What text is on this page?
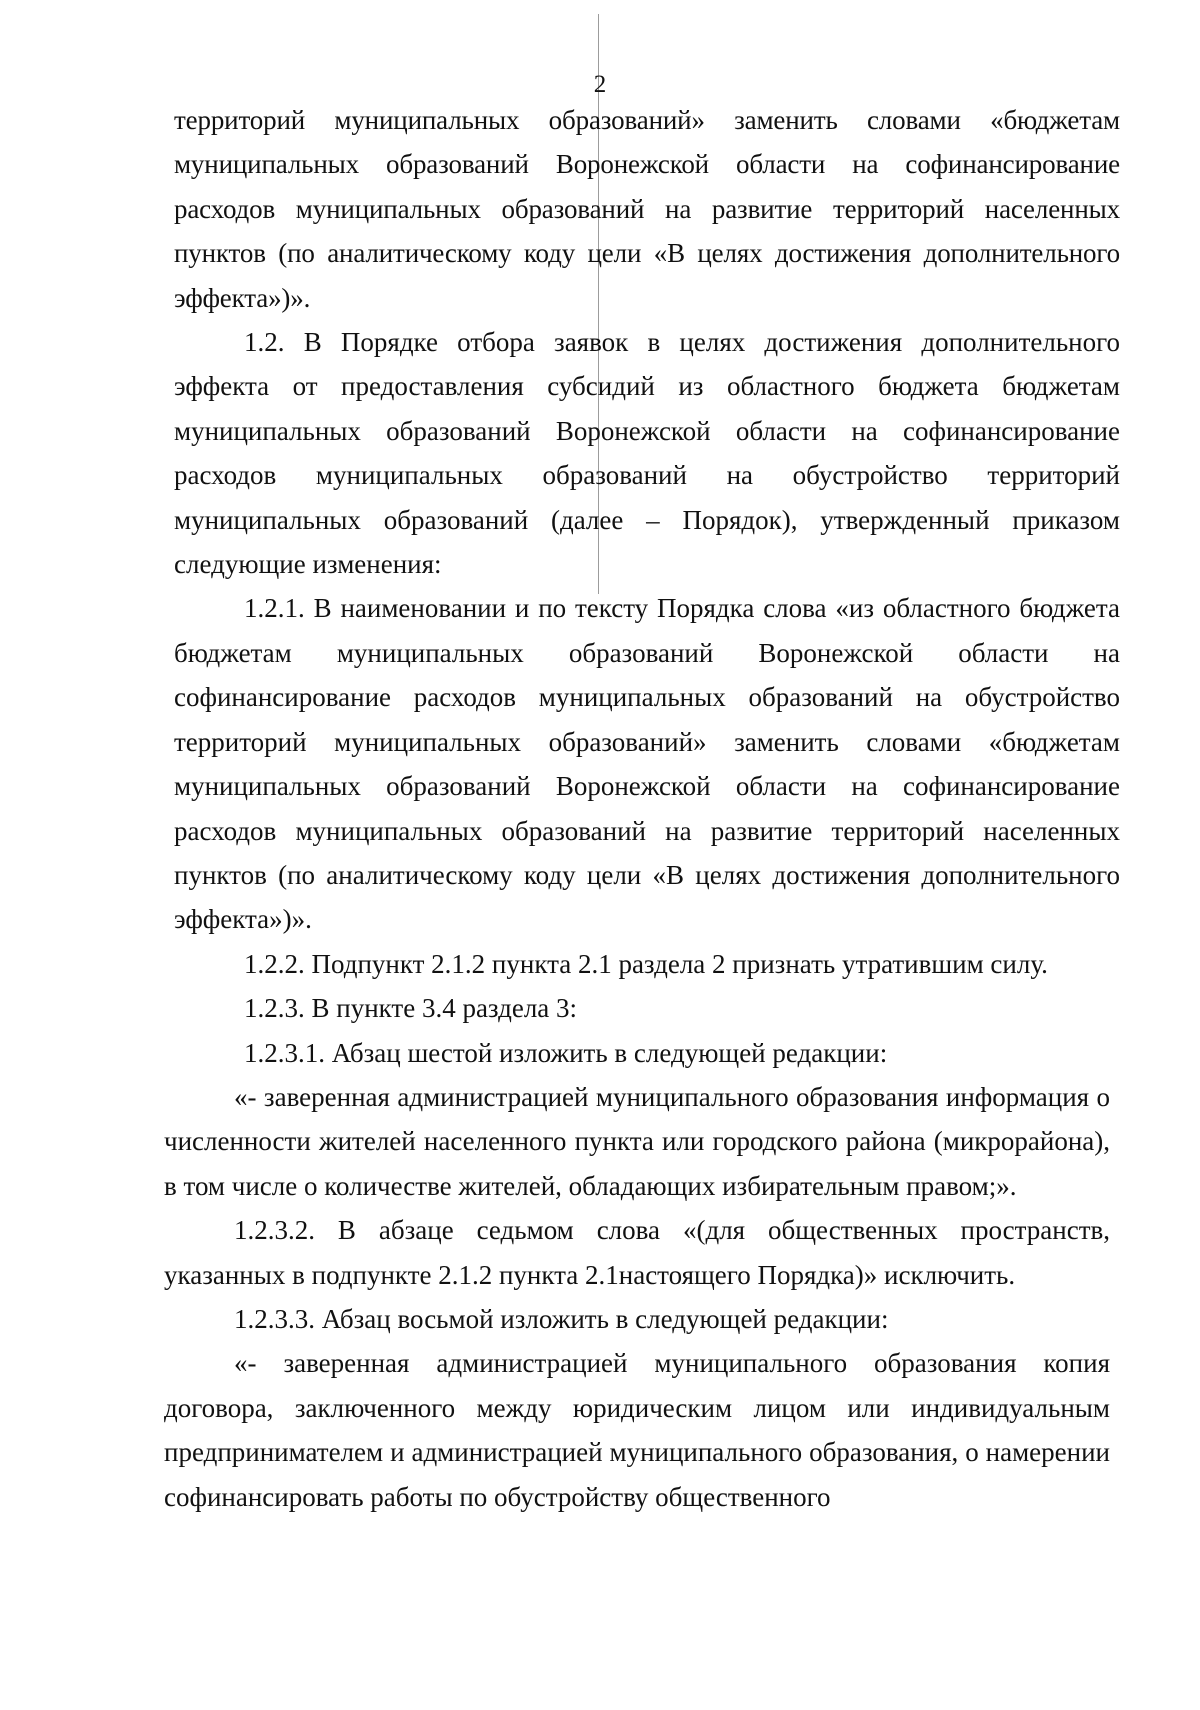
2

территорий муниципальных образований» заменить словами «бюджетам муниципальных образований Воронежской области на софинансирование расходов муниципальных образований на развитие территорий населенных пунктов (по аналитическому коду цели «В целях достижения дополнительного эффекта»)».

1.2. В Порядке отбора заявок в целях достижения дополнительного эффекта от предоставления субсидий из областного бюджета бюджетам муниципальных образований Воронежской области на софинансирование расходов муниципальных образований на обустройство территорий муниципальных образований (далее – Порядок), утвержденный приказом следующие изменения:

1.2.1. В наименовании и по тексту Порядка слова «из областного бюджета бюджетам муниципальных образований Воронежской области на софинансирование расходов муниципальных образований на обустройство территорий муниципальных образований» заменить словами «бюджетам муниципальных образований Воронежской области на софинансирование расходов муниципальных образований на развитие территорий населенных пунктов (по аналитическому коду цели «В целях достижения дополнительного эффекта»)».

1.2.2. Подпункт 2.1.2 пункта 2.1 раздела 2 признать утратившим силу.

1.2.3. В пункте 3.4 раздела 3:

1.2.3.1. Абзац шестой изложить в следующей редакции:

«- заверенная администрацией муниципального образования информация о численности жителей населенного пункта или городского района (микрорайона), в том числе о количестве жителей, обладающих избирательным правом;».

1.2.3.2. В абзаце седьмом слова «(для общественных пространств, указанных в подпункте 2.1.2 пункта 2.1настоящего Порядка)» исключить.

1.2.3.3. Абзац восьмой изложить в следующей редакции:

«- заверенная администрацией муниципального образования копия договора, заключенного между юридическим лицом или индивидуальным предпринимателем и администрацией муниципального образования, о намерении софинансировать работы по обустройству общественного
